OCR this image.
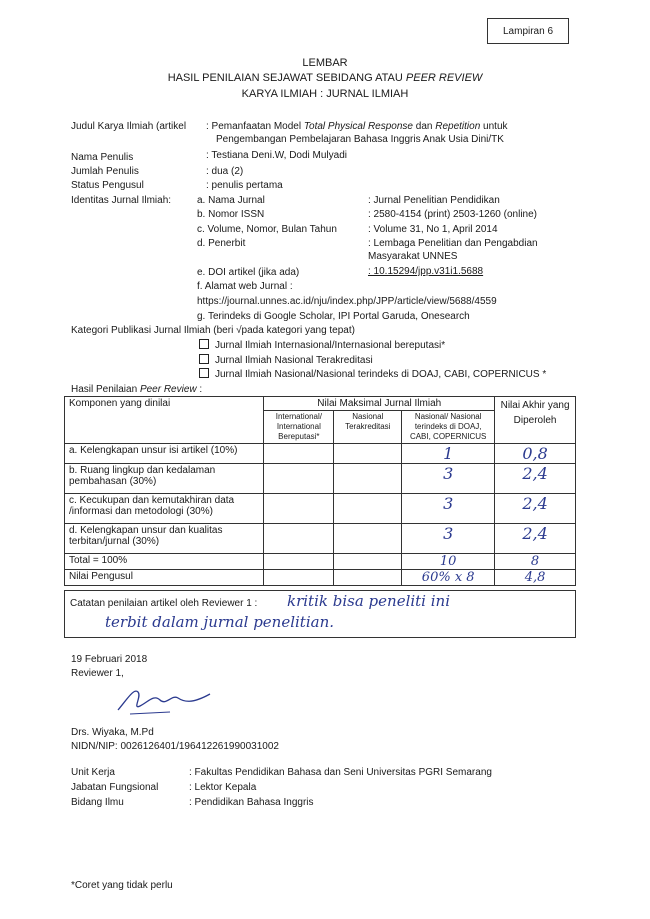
Lampiran 6
LEMBAR
HASIL PENILAIAN SEJAWAT SEBIDANG ATAU PEER REVIEW
KARYA ILMIAH : JURNAL ILMIAH
Judul Karya Ilmiah (artikel : Pemanfaatan Model Total Physical Response dan Repetition untuk
Pengembangan Pembelajaran Bahasa Inggris Anak Usia Dini/TK
Nama Penulis	: Testiana Deni.W, Dodi Mulyadi
Jumlah Penulis	: dua (2)
Status Pengusul	: penulis pertama
Identitas Jurnal Ilmiah:	a. Nama Jurnal	: Jurnal Penelitian Pendidikan
b. Nomor ISSN	: 2580-4154 (print) 2503-1260 (online)
c. Volume, Nomor, Bulan Tahun	: Volume 31, No 1, April 2014
d. Penerbit	: Lembaga Penelitian dan Pengabdian
Masyarakat UNNES
e. DOI artikel (jika ada)	: 10.15294/jpp.v31i1.5688
f. Alamat web Jurnal :
https://journal.unnes.ac.id/nju/index.php/JPP/article/view/5688/4559
g. Terindeks di Google Scholar, IPI Portal Garuda, Onesearch
Kategori Publikasi Jurnal Ilmiah (beri √pada kategori yang tepat)
Jurnal Ilmiah Internasional/Internasional bereputasi*
Jurnal Ilmiah Nasional Terakreditasi
Jurnal Ilmiah Nasional/Nasional terindeks di DOAJ, CABI, COPERNICUS *
Hasil Penilaian Peer Review :
Komponen yang dinilai	Nilai Maksimal Jurnal Ilmiah			Nilai Akhir yang Diperoleh
	International/ International Bereputasi*	Nasional Terakreditasi	Nasional/ Nasional terindeks di DOAJ, CABI, COPERNICUS	
a. Kelengkapan unsur isi artikel (10%)			1	0,8
b. Ruang lingkup dan kedalaman pembahasan (30%)			3	2,4
c. Kecukupan dan kemutakhiran data /informasi dan metodologi (30%)			3	2,4
d. Kelengkapan unsur dan kualitas terbitan/jurnal (30%)			3	2,4
Total = 100%			10	8
Nilai Pengusul			60% x 8	4,8
Catatan penilaian artikel oleh Reviewer 1 : kritik bisa peneliti ini
terbit dalam jurnal penelitian.
19 Februari 2018
Reviewer 1,
Drs. Wiyaka, M.Pd
NIDN/NIP: 0026126401/196412261990031002
Unit Kerja	: Fakultas Pendidikan Bahasa dan Seni Universitas PGRI Semarang
Jabatan Fungsional	: Lektor Kepala
Bidang Ilmu	: Pendidikan Bahasa Inggris
*Coret yang tidak perlu
